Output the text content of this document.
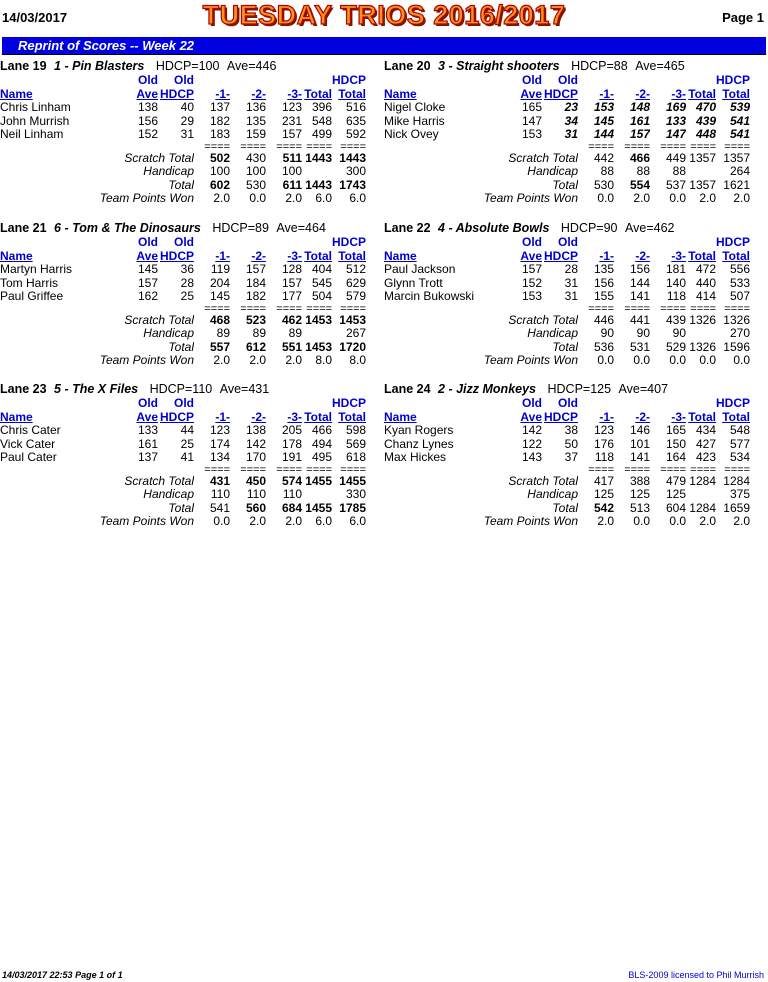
14/03/2017	TUESDAY TRIOS 2016/2017	Page 1
Reprint of Scores -- Week 22
Lane 19 1 - Pin Blasters HDCP=100 Ave=446
	Old	Old					HDCP
Name	Ave	HDCP	-1-	-2-	-3-	Total	Total
Chris Linham	138	40	137	136	123	396	516
John Murrish	156	29	182	135	231	548	635
Neil Linham	152	31	183	159	157	499	592
			====	====	====	====	====
Scratch Total			502	430	511	1443	1443
Handicap			100	100	100		300
Total			602	530	611	1443	1743
Team Points Won			2.0	0.0	2.0	6.0	6.0
Lane 20 3 - Straight shooters HDCP=88 Ave=465
	Old	Old					HDCP
Name	Ave	HDCP	-1-	-2-	-3-	Total	Total
Nigel Cloke	165	23	153	148	169	470	539
Mike Harris	147	34	145	161	133	439	541
Nick Ovey	153	31	144	157	147	448	541
			====	====	====	====	====
Scratch Total			442	466	449	1357	1357
Handicap			88	88	88		264
Total			530	554	537	1357	1621
Team Points Won			0.0	2.0	0.0	2.0	2.0
Lane 21 6 - Tom & The Dinosaurs HDCP=89 Ave=464
	Old	Old					HDCP
Name	Ave	HDCP	-1-	-2-	-3-	Total	Total
Martyn Harris	145	36	119	157	128	404	512
Tom Harris	157	28	204	184	157	545	629
Paul Griffee	162	25	145	182	177	504	579
			====	====	====	====	====
Scratch Total			468	523	462	1453	1453
Handicap			89	89	89		267
Total			557	612	551	1453	1720
Team Points Won			2.0	2.0	2.0	8.0	8.0
Lane 22 4 - Absolute Bowls HDCP=90 Ave=462
	Old	Old					HDCP
Name	Ave	HDCP	-1-	-2-	-3-	Total	Total
Paul Jackson	157	28	135	156	181	472	556
Glynn Trott	152	31	156	144	140	440	533
Marcin Bukowski	153	31	155	141	118	414	507
			====	====	====	====	====
Scratch Total			446	441	439	1326	1326
Handicap			90	90	90		270
Total			536	531	529	1326	1596
Team Points Won			0.0	0.0	0.0	0.0	0.0
Lane 23 5 - The X Files HDCP=110 Ave=431
	Old	Old					HDCP
Name	Ave	HDCP	-1-	-2-	-3-	Total	Total
Chris Cater	133	44	123	138	205	466	598
Vick Cater	161	25	174	142	178	494	569
Paul Cater	137	41	134	170	191	495	618
			====	====	====	====	====
Scratch Total			431	450	574	1455	1455
Handicap			110	110	110		330
Total			541	560	684	1455	1785
Team Points Won			0.0	2.0	2.0	6.0	6.0
Lane 24 2 - Jizz Monkeys HDCP=125 Ave=407
	Old	Old					HDCP
Name	Ave	HDCP	-1-	-2-	-3-	Total	Total
Kyan Rogers	142	38	123	146	165	434	548
Chanz Lynes	122	50	176	101	150	427	577
Max Hickes	143	37	118	141	164	423	534
			====	====	====	====	====
Scratch Total			417	388	479	1284	1284
Handicap			125	125	125		375
Total			542	513	604	1284	1659
Team Points Won			2.0	0.0	0.0	2.0	2.0
14/03/2017 22:53 Page 1 of 1	BLS-2009 licensed to Phil Murrish
